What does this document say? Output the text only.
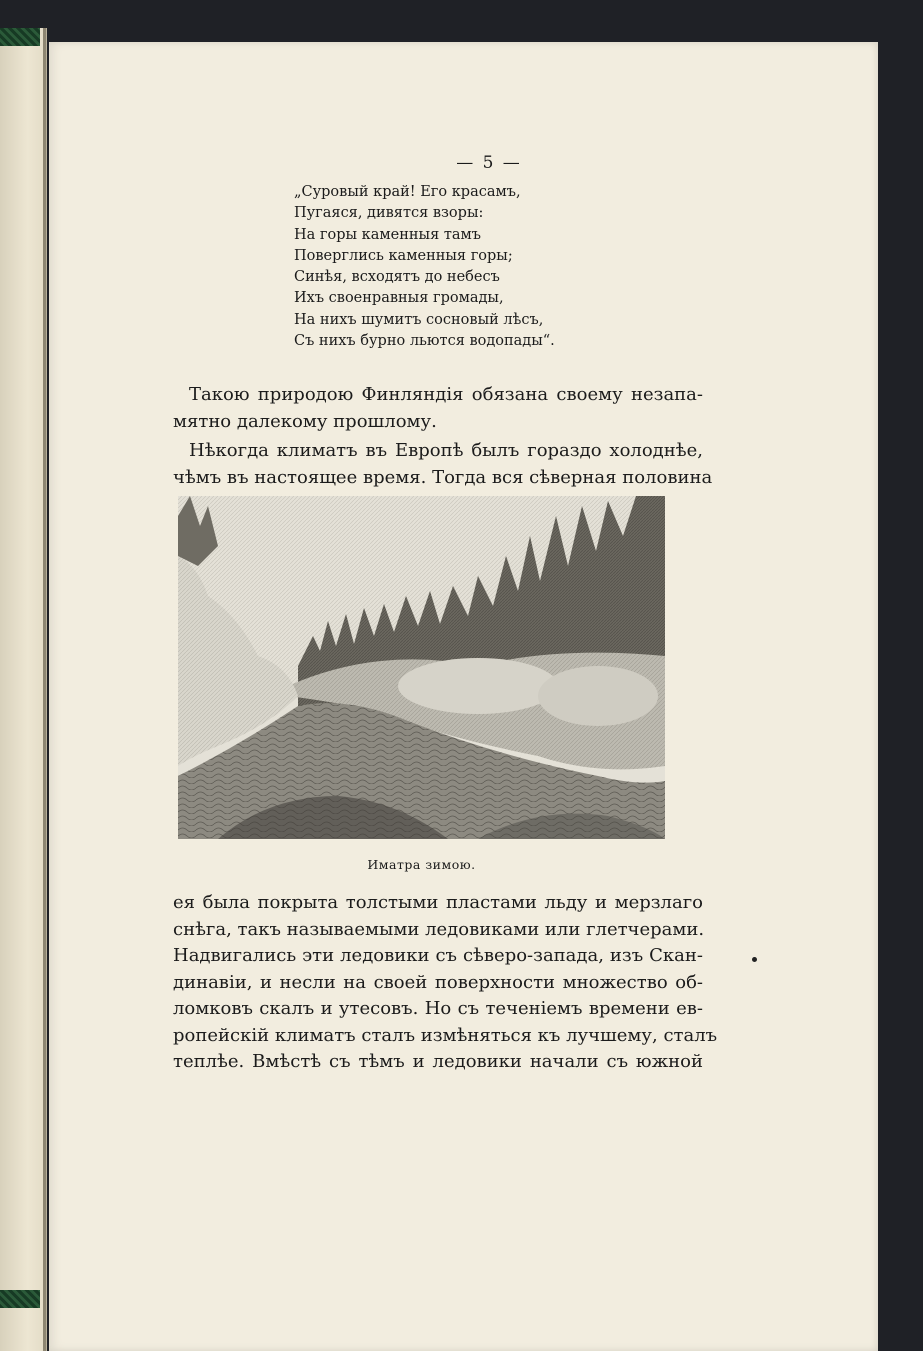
— 5 —
„Суровый край! Его красамъ,
Пугаяся, дивятся взоры:
На горы каменныя тамъ
Поверглись каменныя горы;
Синѣя, всходятъ до небесъ
Ихъ своенравныя громады,
На нихъ шумитъ сосновый лѣсъ,
Съ нихъ бурно льются водопады“.
Такою природою Финляндія обязана своему незапа-
мятно далекому прошлому.
Нѣкогда климатъ въ Европѣ былъ гораздо холоднѣе,
чѣмъ въ настоящее время. Тогда вся сѣверная половина
Иматра зимою.
ея была покрыта толстыми пластами льду и мерзлаго
снѣга, такъ называемыми ледовиками или глетчерами.
Надвигались эти ледовики съ сѣверо-запада, изъ Скан-
динавіи, и несли на своей поверхности множество об-
ломковъ скалъ и утесовъ. Но съ теченіемъ времени ев-
ропейскій климатъ сталъ измѣняться къ лучшему, сталъ
теплѣе. Вмѣстѣ съ тѣмъ и ледовики начали съ южной
